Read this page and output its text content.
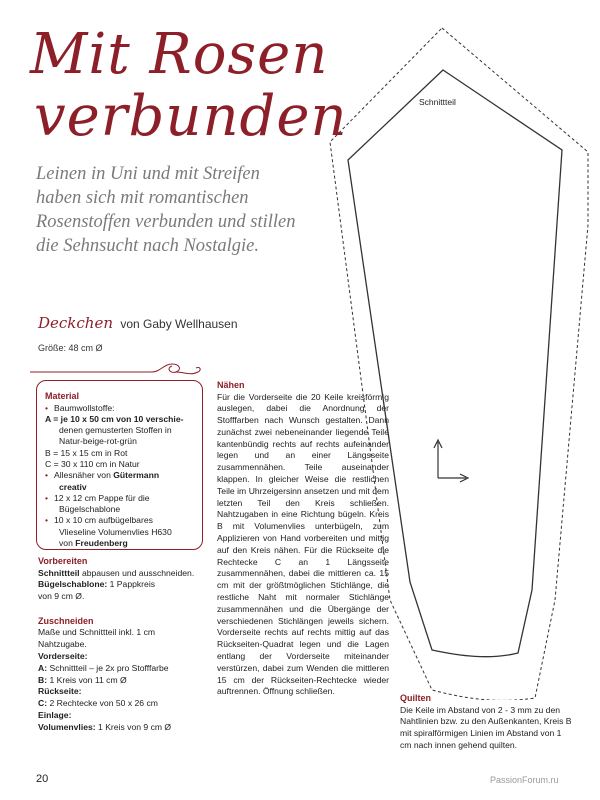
Mit Rosen
verbunden
Leinen in Uni und mit Streifen
haben sich mit romantischen
Rosenstoffen verbunden und stillen
die Sehnsucht nach Nostalgie.
Deckchen von Gaby Wellhausen
Größe: 48 cm Ø
Material
• Baumwollstoffe:
A = je 10 x 50 cm von 10 verschie-
denen gemusterten Stoffen in
Natur-beige-rot-grün
B = 15 x 15 cm in Rot
C = 30 x 110 cm in Natur
• Allesnäher von Gütermann
creativ
• 12 x 12 cm Pappe für die
Bügelschablone
• 10 x 10 cm aufbügelbares
Vlieseline Volumenvlies H630
von Freudenberg
Vorbereiten
Schnittteil abpausen und ausschneiden.
Bügelschablone: 1 Pappkreis
von 9 cm Ø.
Zuschneiden
Maße und Schnittteil inkl. 1 cm
Nahtzugabe.
Vorderseite:
A: Schnittteil – je 2x pro Stofffarbe
B: 1 Kreis von 11 cm Ø
Rückseite:
C: 2 Rechtecke von 50 x 26 cm
Einlage:
Volumenvlies: 1 Kreis von 9 cm Ø
Nähen
Für die Vorderseite die 20 Keile kreisförmig auslegen, dabei die Anordnung der Stofffarben nach Wunsch gestalten. Dann zunächst zwei nebeneinander liegende Teile kantenbündig rechts auf rechts aufeinander legen und an einer Längsseite zusammennähen. Teile auseinander klappen. In gleicher Weise die restlichen Teile im Uhrzeigersinn ansetzen und mit dem letzten Teil den Kreis schließen. Nahtzugaben in eine Richtung bügeln. Kreis B mit Volumenvlies unterbügeln, zum Applizieren von Hand vorbereiten und mittig auf den Kreis nähen. Für die Rückseite die Rechtecke C an 1 Längsseite zusammennähen, dabei die mittleren ca. 15 cm mit der größtmöglichen Stichlänge, die restliche Naht mit normaler Stichlänge zusammennähen und die Übergänge der verschiedenen Stichlängen jeweils sichern. Vorderseite rechts auf rechts mittig auf das Rückseiten-Quadrat legen und die Lagen entlang der Vorderseite miteinander verstürzen, dabei zum Wenden die mittleren 15 cm der Rückseiten-Rechtecke wieder auftrennen. Öffnung schließen.
Schnittteil
Quilten
Die Keile im Abstand von 2 - 3 mm zu den Nahtlinien bzw. zu den Außenkanten, Kreis B mit spiralförmigen Linien im Abstand von 1 cm nach innen gehend quilten.
20	PassionForum.ru
